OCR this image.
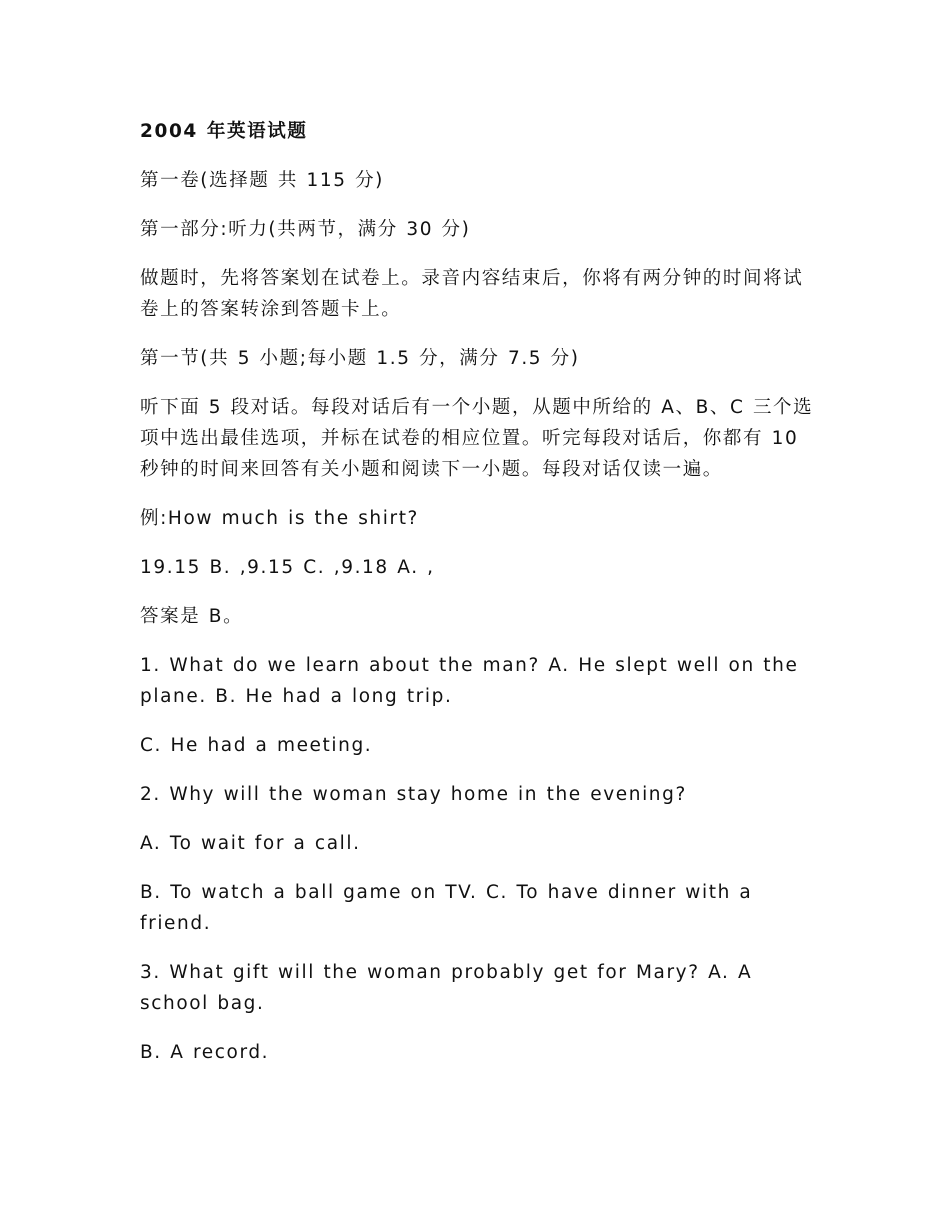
2004 年英语试题

第一卷(选择题 共 115 分)

第一部分:听力(共两节，满分 30 分)

做题时，先将答案划在试卷上。录音内容结束后，你将有两分钟的时间将试卷上的答案转涂到答题卡上。

第一节(共 5 小题;每小题 1.5 分，满分 7.5 分)

听下面 5 段对话。每段对话后有一个小题，从题中所给的 A、B、C 三个选项中选出最佳选项，并标在试卷的相应位置。听完每段对话后，你都有 10 秒钟的时间来回答有关小题和阅读下一小题。每段对话仅读一遍。

例:How much is the shirt?

19.15 B. ,9.15 C. ,9.18 A. ,

答案是 B。

1. What do we learn about the man? A. He slept well on the plane. B. He had a long trip.

C. He had a meeting.

2. Why will the woman stay home in the evening?

A. To wait for a call.

B. To watch a ball game on TV. C. To have dinner with a friend.

3. What gift will the woman probably get for Mary? A. A school bag.

B. A record.
